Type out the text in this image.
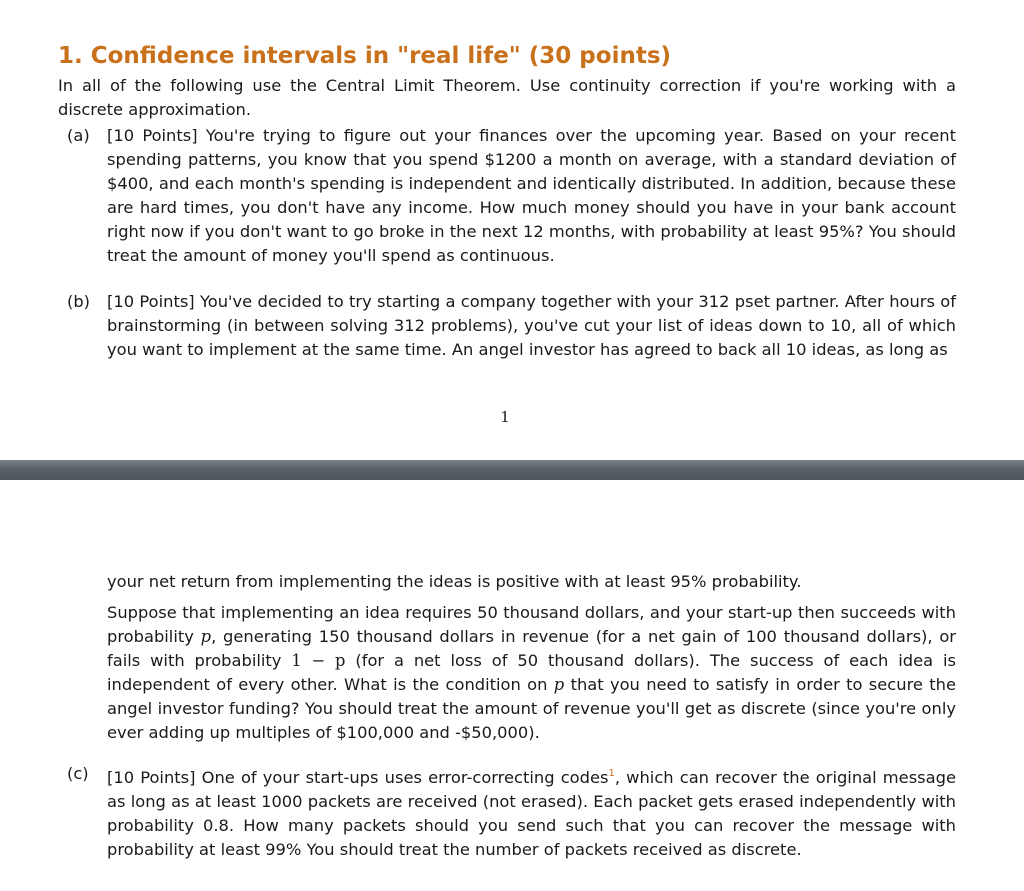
1. Confidence intervals in "real life" (30 points)

In all of the following use the Central Limit Theorem. Use continuity correction if you're working with a discrete approximation.

(a) [10 Points] You're trying to figure out your finances over the upcoming year. Based on your recent spending patterns, you know that you spend $1200 a month on average, with a standard deviation of $400, and each month's spending is independent and identically distributed. In addition, because these are hard times, you don't have any income. How much money should you have in your bank account right now if you don't want to go broke in the next 12 months, with probability at least 95%? You should treat the amount of money you'll spend as continuous.

(b) [10 Points] You've decided to try starting a company together with your 312 pset partner. After hours of brainstorming (in between solving 312 problems), you've cut your list of ideas down to 10, all of which you want to implement at the same time. An angel investor has agreed to back all 10 ideas, as long as

1

your net return from implementing the ideas is positive with at least 95% probability.

Suppose that implementing an idea requires 50 thousand dollars, and your start-up then succeeds with probability p, generating 150 thousand dollars in revenue (for a net gain of 100 thousand dollars), or fails with probability 1 − p (for a net loss of 50 thousand dollars). The success of each idea is independent of every other. What is the condition on p that you need to satisfy in order to secure the angel investor funding? You should treat the amount of revenue you'll get as discrete (since you're only ever adding up multiples of $100,000 and -$50,000).

(c) [10 Points] One of your start-ups uses error-correcting codes$^1$, which can recover the original message as long as at least 1000 packets are received (not erased). Each packet gets erased independently with probability 0.8. How many packets should you send such that you can recover the message with probability at least 99% You should treat the number of packets received as discrete.
